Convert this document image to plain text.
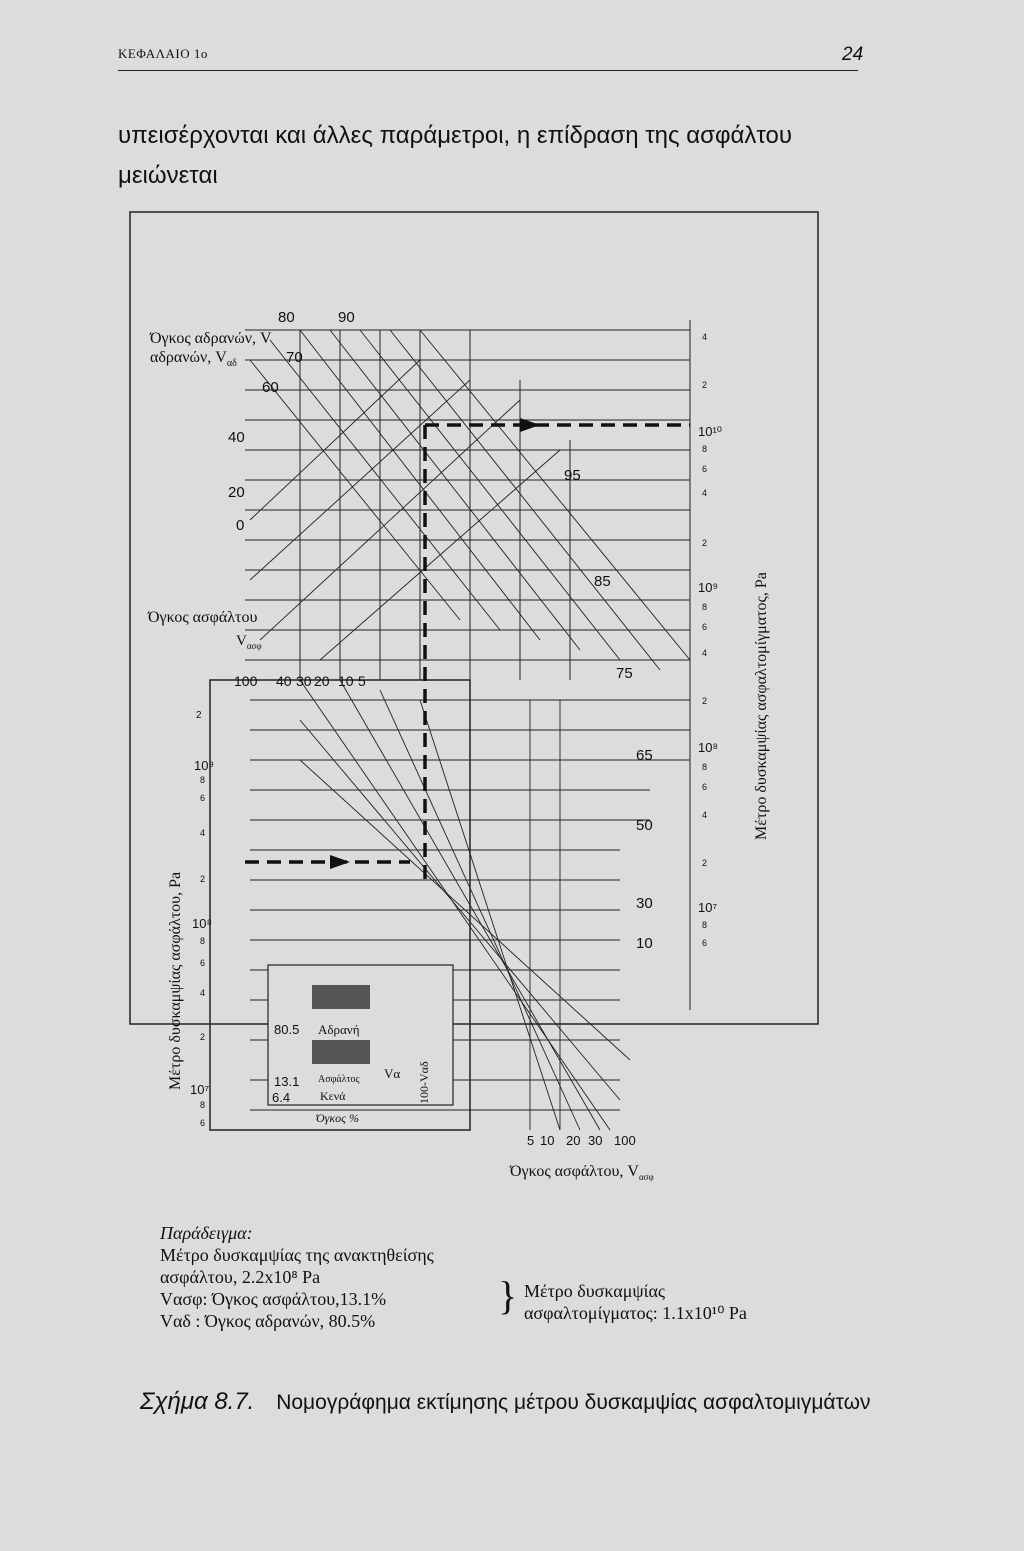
ΚΕΦΑΛΑΙΟ 1ο	24
υπεισέρχονται και άλλες παράμετροι, η επίδραση της ασφάλτου μειώνεται
Όγκος αδρανών, V
αδρανών, $V_{\alpha\delta}$
Όγκος ασφάλτου
$V_{\alpha\sigma\varphi}$
80	90
70
60
40
20
0
100 40 30 20 10 5
95
85
75
65
50
30
10
5 10 20 30 100
Όγκος ασφάλτου, $V_{\alpha\sigma\varphi}$
2
10⁹
8
6
4
2
10⁸
8
6
4
2
10⁷
8
6
Μέτρο δυσκαμψίας ασφάλτου, Pa
4
2
10¹⁰
8
6
4
2
10⁹
8
6
4
2
10⁸
8
6
4
2
10⁷
8
6
Μέτρο δυσκαμψίας ασφαλτομίγματος, Pa
80.5
13.1
6.4
Αδρανή
Ασφάλτος
Κενά
Όγκος %
Vα 100-Vαδ
Παράδειγμα:
Μέτρο δυσκαμψίας της ανακτηθείσης
ασφάλτου, 2.2x10⁸ Pa
Vασφ: Όγκος ασφάλτου,13.1%
Vαδ : Όγκος αδρανών, 80.5%
} Μέτρο δυσκαμψίας
ασφαλτομίγματος: 1.1x10¹⁰ Pa
Σχήμα 8.7. Νομογράφημα εκτίμησης μέτρου δυσκαμψίας ασφαλτομιγμάτων
